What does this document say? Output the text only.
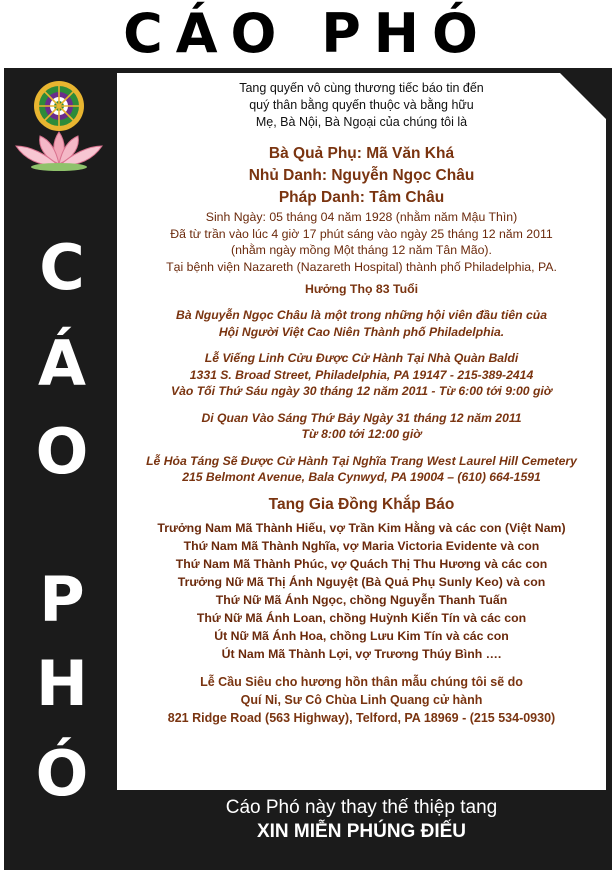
CÁO PHÓ
C
Á
O
P
H
Ó
Tang quyến vô cùng thương tiếc báo tin đến
quý thân bằng quyến thuộc và bằng hữu
Mẹ, Bà Nội, Bà Ngoại của chúng tôi là
Bà Quả Phụ: Mã Văn Khá
Nhủ Danh: Nguyễn Ngọc Châu
Pháp Danh: Tâm Châu
Sinh Ngày: 05 tháng 04 năm 1928 (nhằm năm Mậu Thìn)
Đã từ trần vào lúc 4 giờ 17 phút sáng vào ngày 25 tháng 12 năm 2011
(nhằm ngày mồng Một tháng 12 năm Tân Mão).
Tại bệnh viện Nazareth (Nazareth Hospital) thành phố Philadelphia, PA.
Hưởng Thọ 83 Tuổi
Bà Nguyễn Ngọc Châu là một trong những hội viên đầu tiên của
Hội Người Việt Cao Niên Thành phố Philadelphia.
Lễ Viếng Linh Cửu Được Cử Hành Tại Nhà Quàn Baldi
1331 S. Broad Street, Philadelphia, PA 19147 - 215-389-2414
Vào Tối Thứ Sáu ngày 30 tháng 12 năm 2011 - Từ 6:00 tới 9:00 giờ
Di Quan Vào Sáng Thứ Bảy Ngày 31 tháng 12 năm 2011
Từ 8:00 tới 12:00 giờ
Lễ Hỏa Táng Sẽ Được Cử Hành Tại Nghĩa Trang West Laurel Hill Cemetery
215 Belmont Avenue, Bala Cynwyd, PA 19004 – (610) 664-1591
Tang Gia Đồng Khắp Báo
Trưởng Nam Mã Thành Hiếu, vợ Trần Kim Hằng và các con (Việt Nam)
Thứ Nam Mã Thành Nghĩa, vợ Maria Victoria Evidente và con
Thứ Nam Mã Thành Phúc, vợ Quách Thị Thu Hương và các con
Trưởng Nữ Mã Thị Ánh Nguyệt (Bà Quả Phụ Sunly Keo) và con
Thứ Nữ Mã Ánh Ngọc, chồng Nguyễn Thanh Tuấn
Thứ Nữ Mã Ánh Loan, chồng Huỳnh Kiến Tín và các con
Út Nữ Mã Ánh Hoa, chồng Lưu Kim Tín và các con
Út Nam Mã Thành Lợi, vợ Trương Thúy Bình ….
Lễ Cầu Siêu cho hương hồn thân mẫu chúng tôi sẽ do
Quí Ni, Sư Cô Chùa Linh Quang cử hành
821 Ridge Road (563 Highway), Telford, PA 18969 - (215 534-0930)
Cáo Phó này thay thế thiệp tang
XIN MIỄN PHÚNG ĐIẾU
